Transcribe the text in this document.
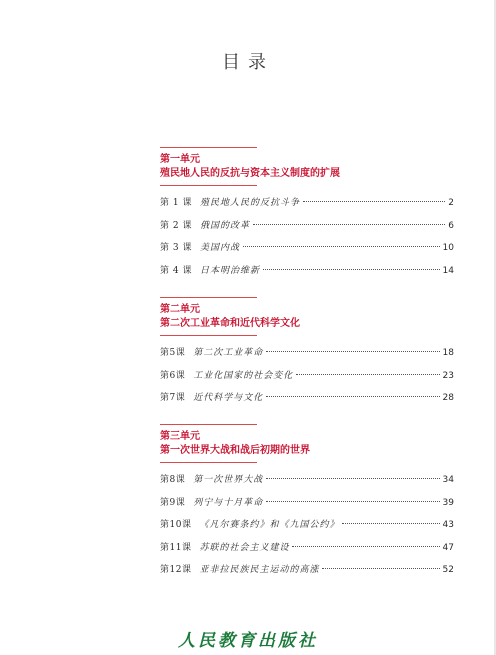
目录
第一单元
殖民地人民的反抗与资本主义制度的扩展
第 1 课 殖民地人民的反抗斗争	2
第 2 课 俄国的改革	6
第 3 课 美国内战	10
第 4 课 日本明治维新	14
第二单元
第二次工业革命和近代科学文化
第5课 第二次工业革命	18
第6课 工业化国家的社会变化	23
第7课 近代科学与文化	28
第三单元
第一次世界大战和战后初期的世界
第8课 第一次世界大战	34
第9课 列宁与十月革命	39
第10课 《凡尔赛条约》和《九国公约》	43
第11课 苏联的社会主义建设	47
第12课 亚非拉民族民主运动的高涨	52
人民教育出版社
